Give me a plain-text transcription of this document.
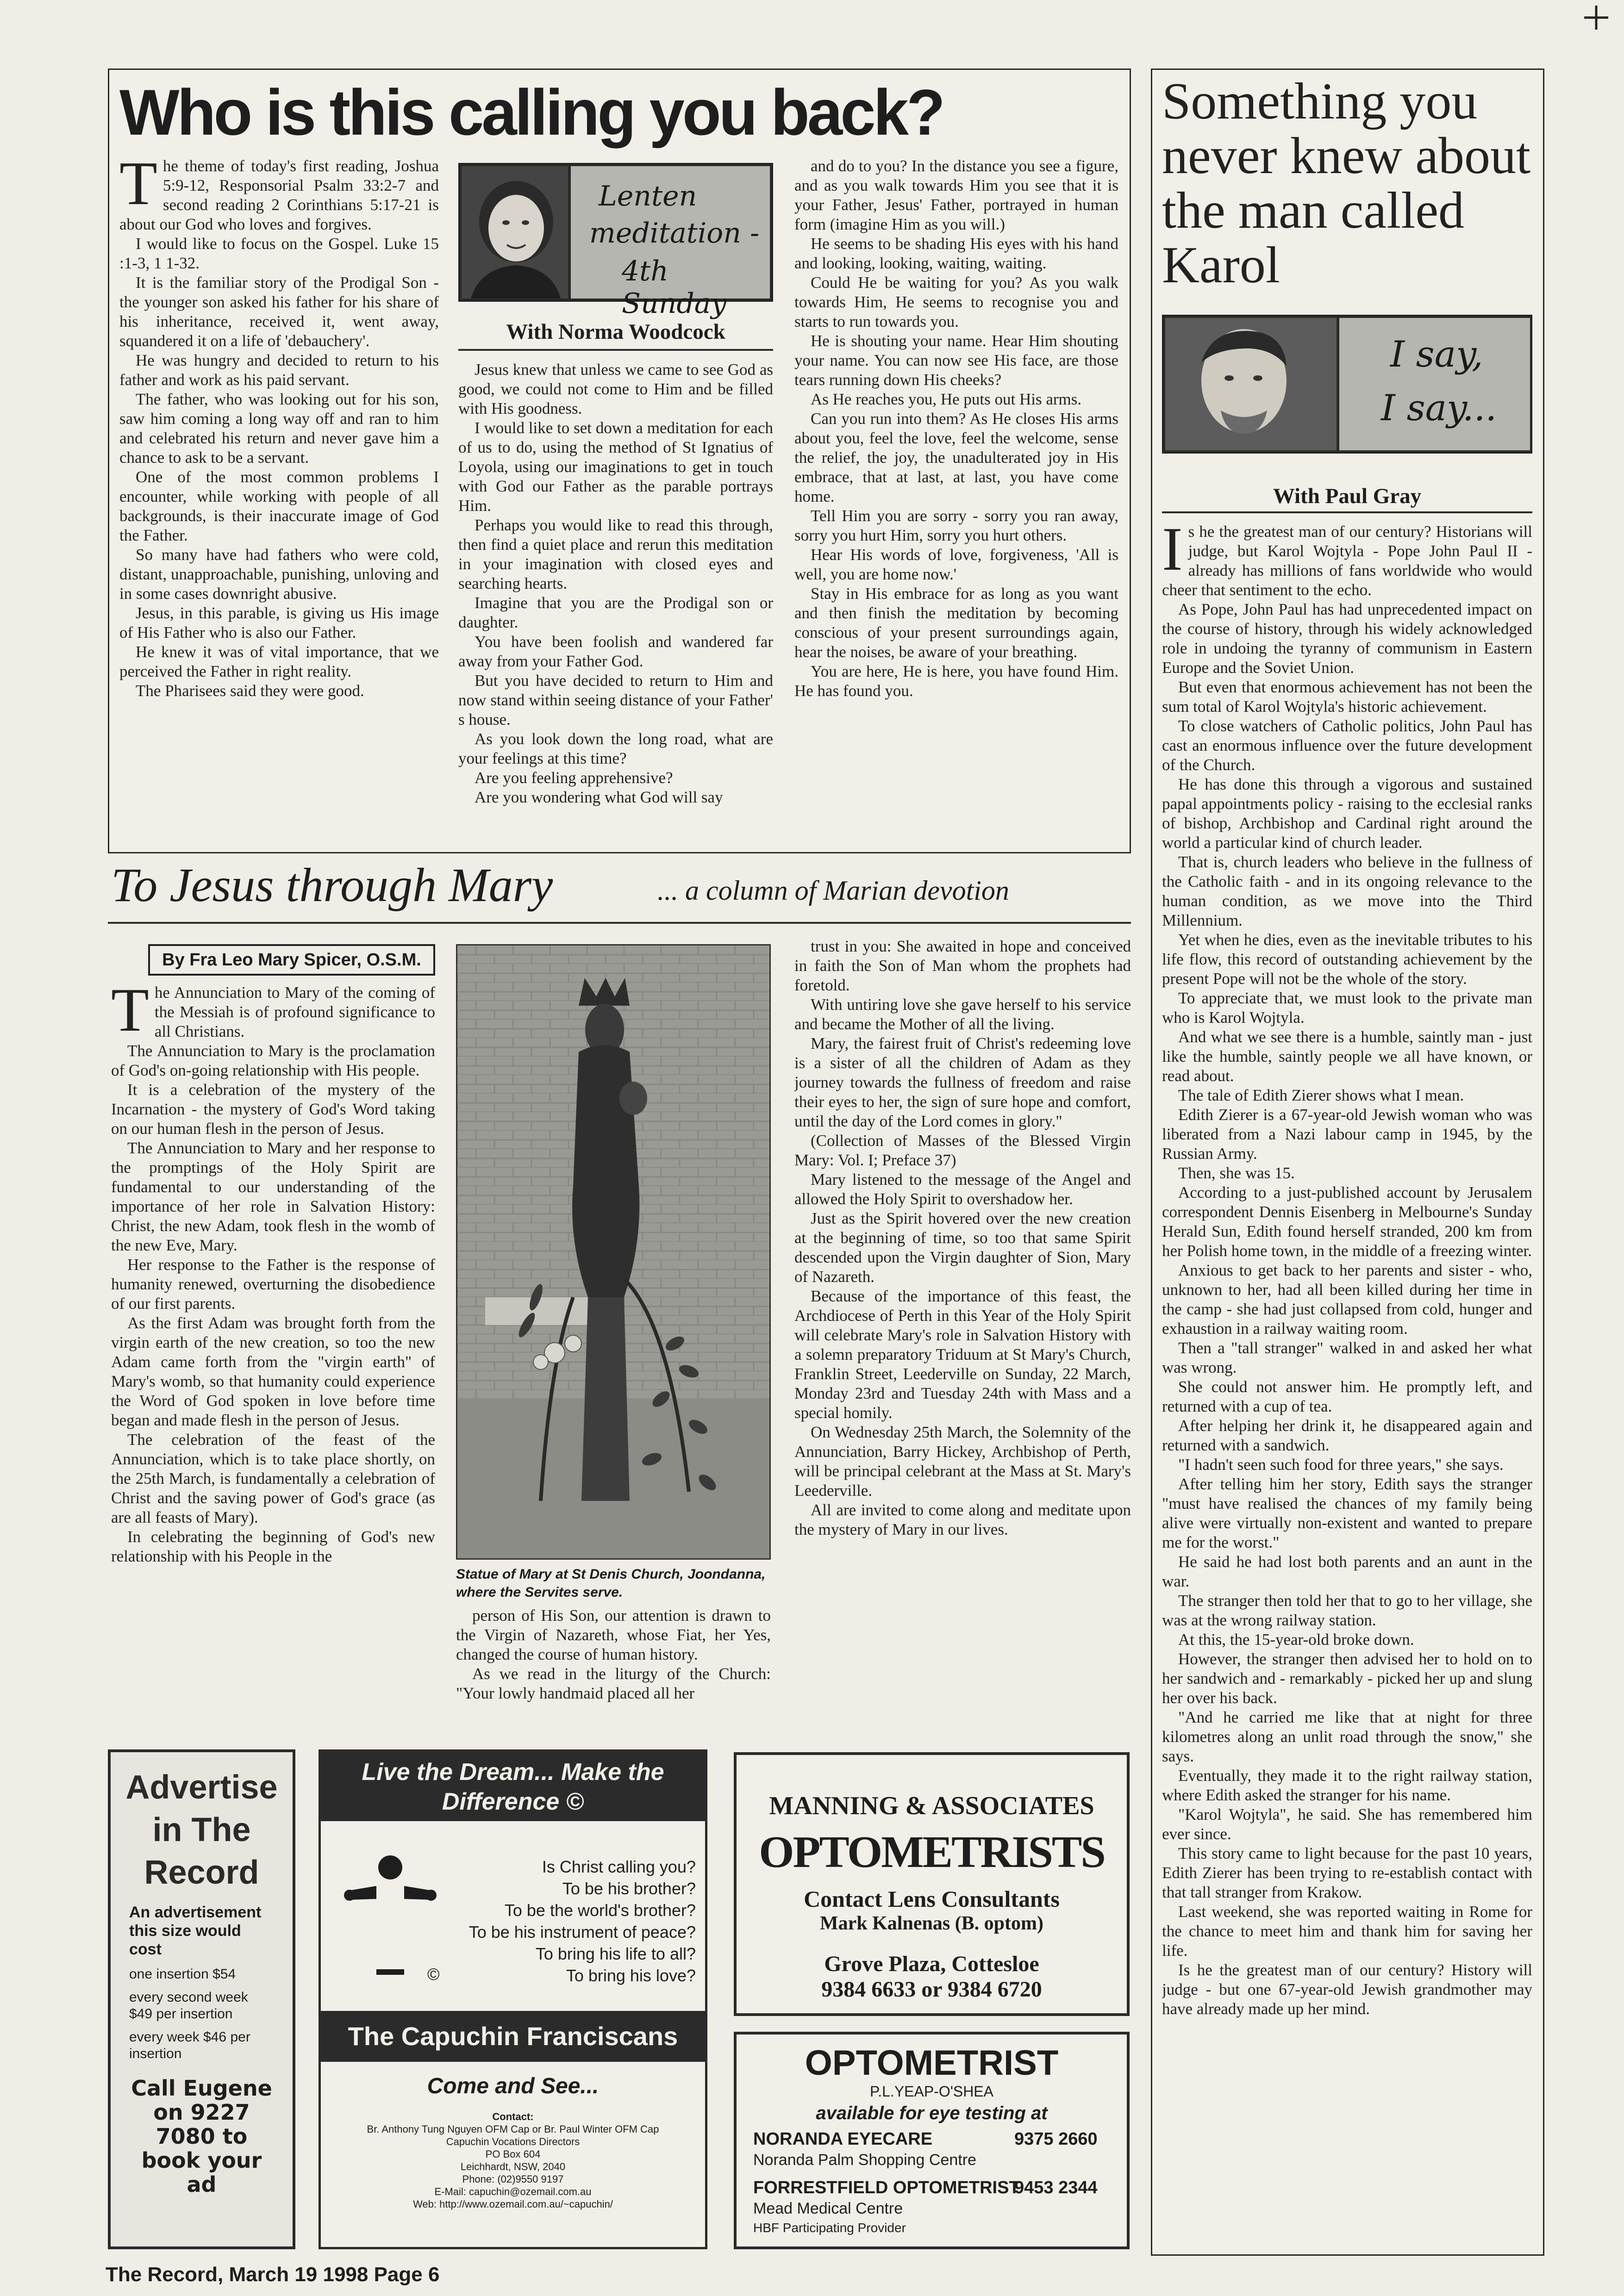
Who is this calling you back?
T he theme of today's first reading, Joshua 5:9-12, Responsorial Psalm 33:2-7 and second reading 2 Corinthians 5:17-21 is about our God who loves and forgives.

 I would like to focus on the Gospel. Luke 15 :1-3, 1 1-32.

 It is the familiar story of the Prodigal Son - the younger son asked his father for his share of his inheritance, received it, went away, squandered it on a life of 'debauchery'.

 He was hungry and decided to return to his father and work as his paid servant.

 The father, who was looking out for his son, saw him coming a long way off and ran to him and celebrated his return and never gave him a chance to ask to be a servant.

 One of the most common problems I encounter, while working with people of all backgrounds, is their inaccurate image of God the Father.

 So many have had fathers who were cold, distant, unapproachable, punishing, unloving and in some cases downright abusive.

 Jesus, in this parable, is giving us His image of His Father who is also our Father.

 He knew it was of vital importance, that we perceived the Father in right reality.

 The Pharisees said they were good.

Lenten
meditation -
4th Sunday
With Norma Woodcock

 Jesus knew that unless we came to see God as good, we could not come to Him and be filled with His goodness.

 I would like to set down a meditation for each of us to do, using the method of St Ignatius of Loyola, using our imaginations to get in touch with God our Father as the parable portrays Him.

 Perhaps you would like to read this through, then find a quiet place and rerun this meditation in your imagination with closed eyes and searching hearts.

 Imagine that you are the Prodigal son or daughter.

 You have been foolish and wandered far away from your Father God.

 But you have decided to return to Him and now stand within seeing distance of your Father' s house.

 As you look down the long road, what are your feelings at this time?

 Are you feeling apprehensive?

 Are you wondering what God will say

 and do to you? In the distance you see a figure, and as you walk towards Him you see that it is your Father, Jesus' Father, portrayed in human form (imagine Him as you will.)

 He seems to be shading His eyes with his hand and looking, looking, waiting, waiting.

 Could He be waiting for you? As you walk towards Him, He seems to recognise you and starts to run towards you.

 He is shouting your name. Hear Him shouting your name. You can now see His face, are those tears running down His cheeks?

 As He reaches you, He puts out His arms.

 Can you run into them? As He closes His arms about you, feel the love, feel the welcome, sense the relief, the joy, the unadulterated joy in His embrace, that at last, at last, you have come home.

 Tell Him you are sorry - sorry you ran away, sorry you hurt Him, sorry you hurt others.

 Hear His words of love, forgiveness, 'All is well, you are home now.'

 Stay in His embrace for as long as you want and then finish the meditation by becoming conscious of your present surroundings again, hear the noises, be aware of your breathing.

 You are here, He is here, you have found Him. He has found you.

Something you never knew about the man called Karol
I say,
I say...
With Paul Gray
I s he the greatest man of our century? Historians will judge, but Karol Wojtyla - Pope John Paul II - already has millions of fans worldwide who would cheer that sentiment to the echo.

 As Pope, John Paul has had unprecedented impact on the course of history, through his widely acknowledged role in undoing the tyranny of communism in Eastern Europe and the Soviet Union.

 But even that enormous achievement has not been the sum total of Karol Wojtyla's historic achievement.

 To close watchers of Catholic politics, John Paul has cast an enormous influence over the future development of the Church.

 He has done this through a vigorous and sustained papal appointments policy - raising to the ecclesial ranks of bishop, Archbishop and Cardinal right around the world a particular kind of church leader.

 That is, church leaders who believe in the fullness of the Catholic faith - and in its ongoing relevance to the human condition, as we move into the Third Millennium.

 Yet when he dies, even as the inevitable tributes to his life flow, this record of outstanding achievement by the present Pope will not be the whole of the story.

 To appreciate that, we must look to the private man who is Karol Wojtyla.

 And what we see there is a humble, saintly man - just like the humble, saintly people we all have known, or read about.

 The tale of Edith Zierer shows what I mean.

 Edith Zierer is a 67-year-old Jewish woman who was liberated from a Nazi labour camp in 1945, by the Russian Army.

 Then, she was 15.

 According to a just-published account by Jerusalem correspondent Dennis Eisenberg in Melbourne's Sunday Herald Sun, Edith found herself stranded, 200 km from her Polish home town, in the middle of a freezing winter.

 Anxious to get back to her parents and sister - who, unknown to her, had all been killed during her time in the camp - she had just collapsed from cold, hunger and exhaustion in a railway waiting room.

 Then a "tall stranger" walked in and asked her what was wrong.

 She could not answer him. He promptly left, and returned with a cup of tea.

 After helping her drink it, he disappeared again and returned with a sandwich.

 "I hadn't seen such food for three years," she says.

 After telling him her story, Edith says the stranger "must have realised the chances of my family being alive were virtually non-existent and wanted to prepare me for the worst."

 He said he had lost both parents and an aunt in the war.

 The stranger then told her that to go to her village, she was at the wrong railway station.

 At this, the 15-year-old broke down.

 However, the stranger then advised her to hold on to her sandwich and - remarkably - picked her up and slung her over his back.

 "And he carried me like that at night for three kilometres along an unlit road through the snow," she says.

 Eventually, they made it to the right railway station, where Edith asked the stranger for his name.

 "Karol Wojtyla", he said. She has remembered him ever since.

 This story came to light because for the past 10 years, Edith Zierer has been trying to re-establish contact with that tall stranger from Krakow.

 Last weekend, she was reported waiting in Rome for the chance to meet him and thank him for saving her life.

 Is he the greatest man of our century? History will judge - but one 67-year-old Jewish grandmother may have already made up her mind.

To Jesus through Mary	... a column of Marian devotion
By Fra Leo Mary Spicer, O.S.M.
T he Annunciation to Mary of the coming of the Messiah is of profound significance to all Christians.

 The Annunciation to Mary is the proclamation of God's on-going relationship with His people.

 It is a celebration of the mystery of the Incarnation - the mystery of God's Word taking on our human flesh in the person of Jesus.

 The Annunciation to Mary and her response to the promptings of the Holy Spirit are fundamental to our understanding of the importance of her role in Salvation History: Christ, the new Adam, took flesh in the womb of the new Eve, Mary.

 Her response to the Father is the response of humanity renewed, overturning the disobedience of our first parents.

 As the first Adam was brought forth from the virgin earth of the new creation, so too the new Adam came forth from the "virgin earth" of Mary's womb, so that humanity could experience the Word of God spoken in love before time began and made flesh in the person of Jesus.

 The celebration of the feast of the Annunciation, which is to take place shortly, on the 25th March, is fundamentally a celebration of Christ and the saving power of God's grace (as are all feasts of Mary).

 In celebrating the beginning of God's new relationship with his People in the

Statue of Mary at St Denis Church, Joondanna, where the Servites serve.

 person of His Son, our attention is drawn to the Virgin of Nazareth, whose Fiat, her Yes, changed the course of human history.

 As we read in the liturgy of the Church: "Your lowly handmaid placed all her

 trust in you: She awaited in hope and conceived in faith the Son of Man whom the prophets had foretold.

 With untiring love she gave herself to his service and became the Mother of all the living.

 Mary, the fairest fruit of Christ's redeeming love is a sister of all the children of Adam as they journey towards the fullness of freedom and raise their eyes to her, the sign of sure hope and comfort, until the day of the Lord comes in glory."

 (Collection of Masses of the Blessed Virgin Mary: Vol. I; Preface 37)

 Mary listened to the message of the Angel and allowed the Holy Spirit to overshadow her.

 Just as the Spirit hovered over the new creation at the beginning of time, so too that same Spirit descended upon the Virgin daughter of Sion, Mary of Nazareth.

 Because of the importance of this feast, the Archdiocese of Perth in this Year of the Holy Spirit will celebrate Mary's role in Salvation History with a solemn preparatory Triduum at St Mary's Church, Franklin Street, Leederville on Sunday, 22 March, Monday 23rd and Tuesday 24th with Mass and a special homily.

 On Wednesday 25th March, the Solemnity of the Annunciation, Barry Hickey, Archbishop of Perth, will be principal celebrant at the Mass at St. Mary's Leederville.

 All are invited to come along and meditate upon the mystery of Mary in our lives.

Advertise in The Record
An advertisement this size would cost
one insertion $54
every second week $49 per insertion
every week $46 per insertion
Call Eugene on 9227 7080 to book your ad
Live the Dream... Make the Difference ©
©
Is Christ calling you?
To be his brother?
To be the world's brother?
To be his instrument of peace?
To bring his life to all?
To bring his love?
The Capuchin Franciscans
Come and See...
Contact:
Br. Anthony Tung Nguyen OFM Cap or Br. Paul Winter OFM Cap
Capuchin Vocations Directors
PO Box 604
Leichhardt, NSW, 2040
Phone: (02)9550 9197
E-Mail: capuchin@ozemail.com.au
Web: http://www.ozemail.com.au/~capuchin/
MANNING & ASSOCIATES
OPTOMETRISTS
Contact Lens Consultants
Mark Kalnenas (B. optom)
Grove Plaza, Cottesloe
9384 6633 or 9384 6720
OPTOMETRIST
P.L.YEAP-O'SHEA
available for eye testing at
NORANDA EYECARE	9375 2660
Noranda Palm Shopping Centre
FORRESTFIELD OPTOMETRIST
9453 2344
Mead Medical Centre
HBF Participating Provider
The Record, March 19 1998 Page 6
